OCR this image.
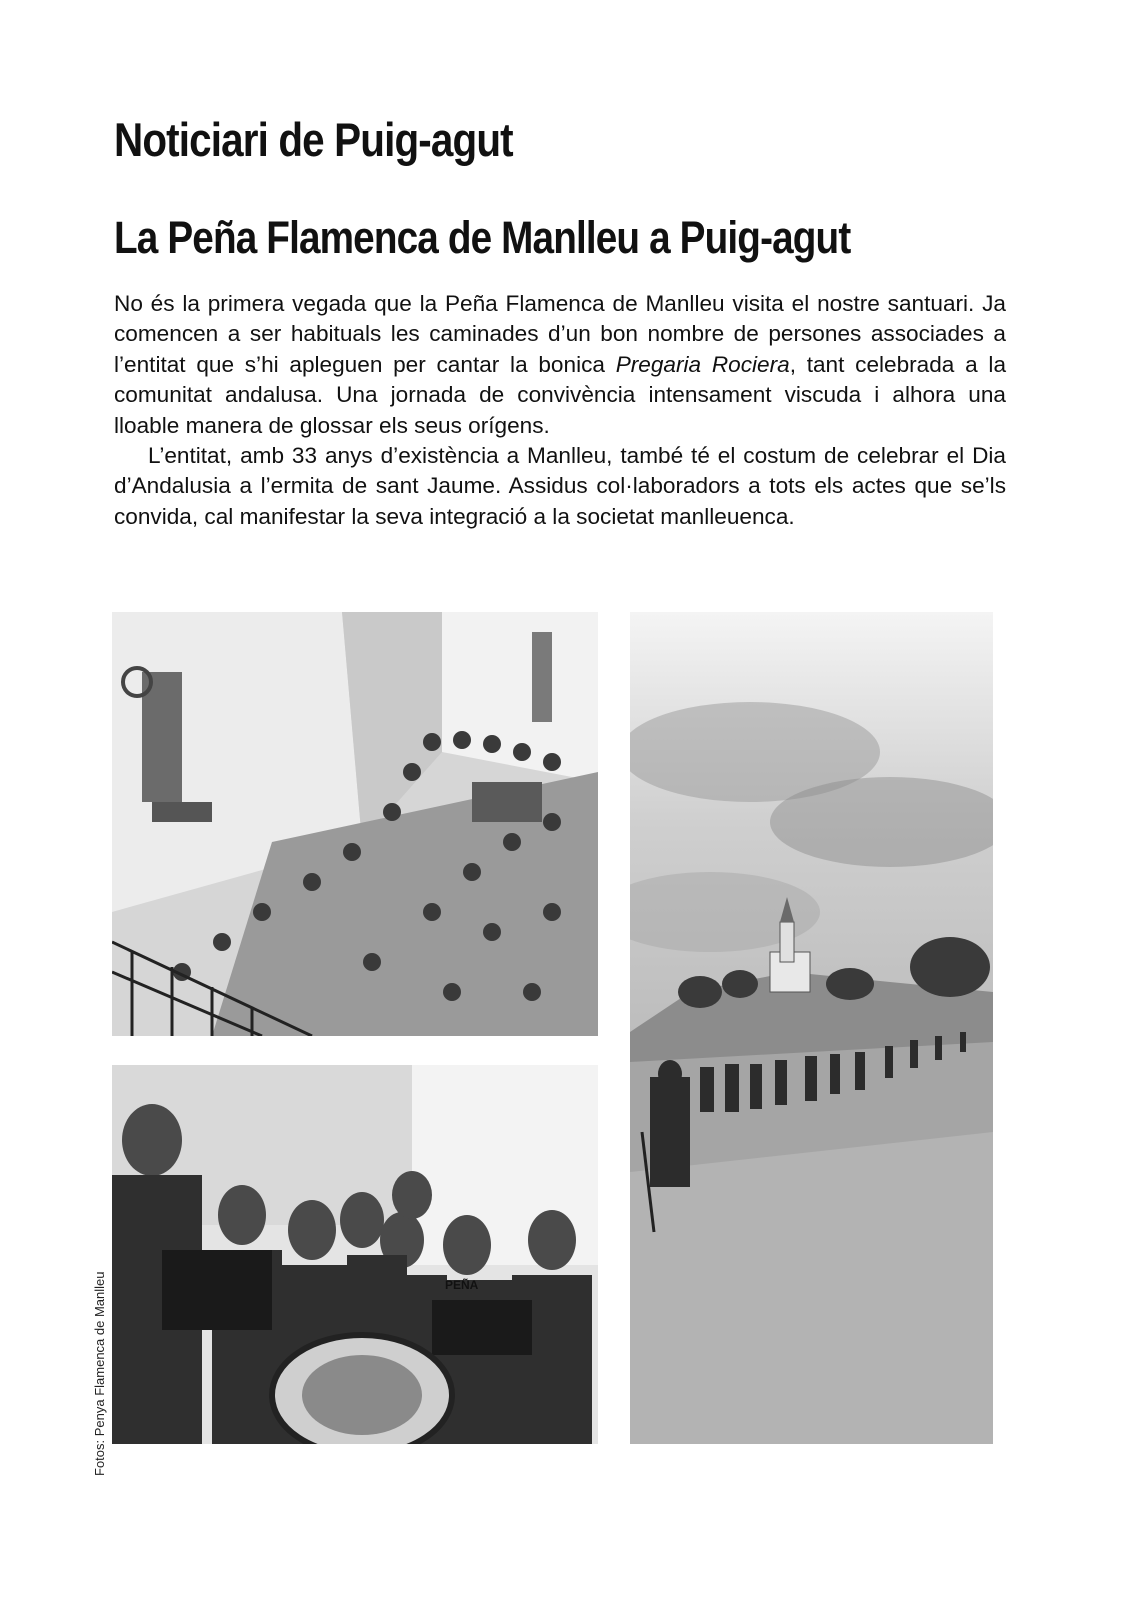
Noticiari de Puig-agut
La Peña Flamenca de Manlleu a Puig-agut

No és la primera vegada que la Peña Flamenca de Manlleu visita el nostre santuari. Ja comencen a ser habituals les caminades d’un bon nombre de persones associades a l’entitat que s’hi apleguen per cantar la bonica Pregaria Rociera, tant celebrada a la comunitat andalusa. Una jornada de convivència intensament viscuda i alhora una lloable manera de glossar els seus orígens.

L’entitat, amb 33 anys d’existència a Manlleu, també té el costum de celebrar el Dia d’Andalusia a l’ermita de sant Jaume. Assidus col·laboradors a tots els actes que se’ls convida, cal manifestar la seva integració a la societat manlleuenca.

PEÑA
Fotos: Penya Flamenca de Manlleu
